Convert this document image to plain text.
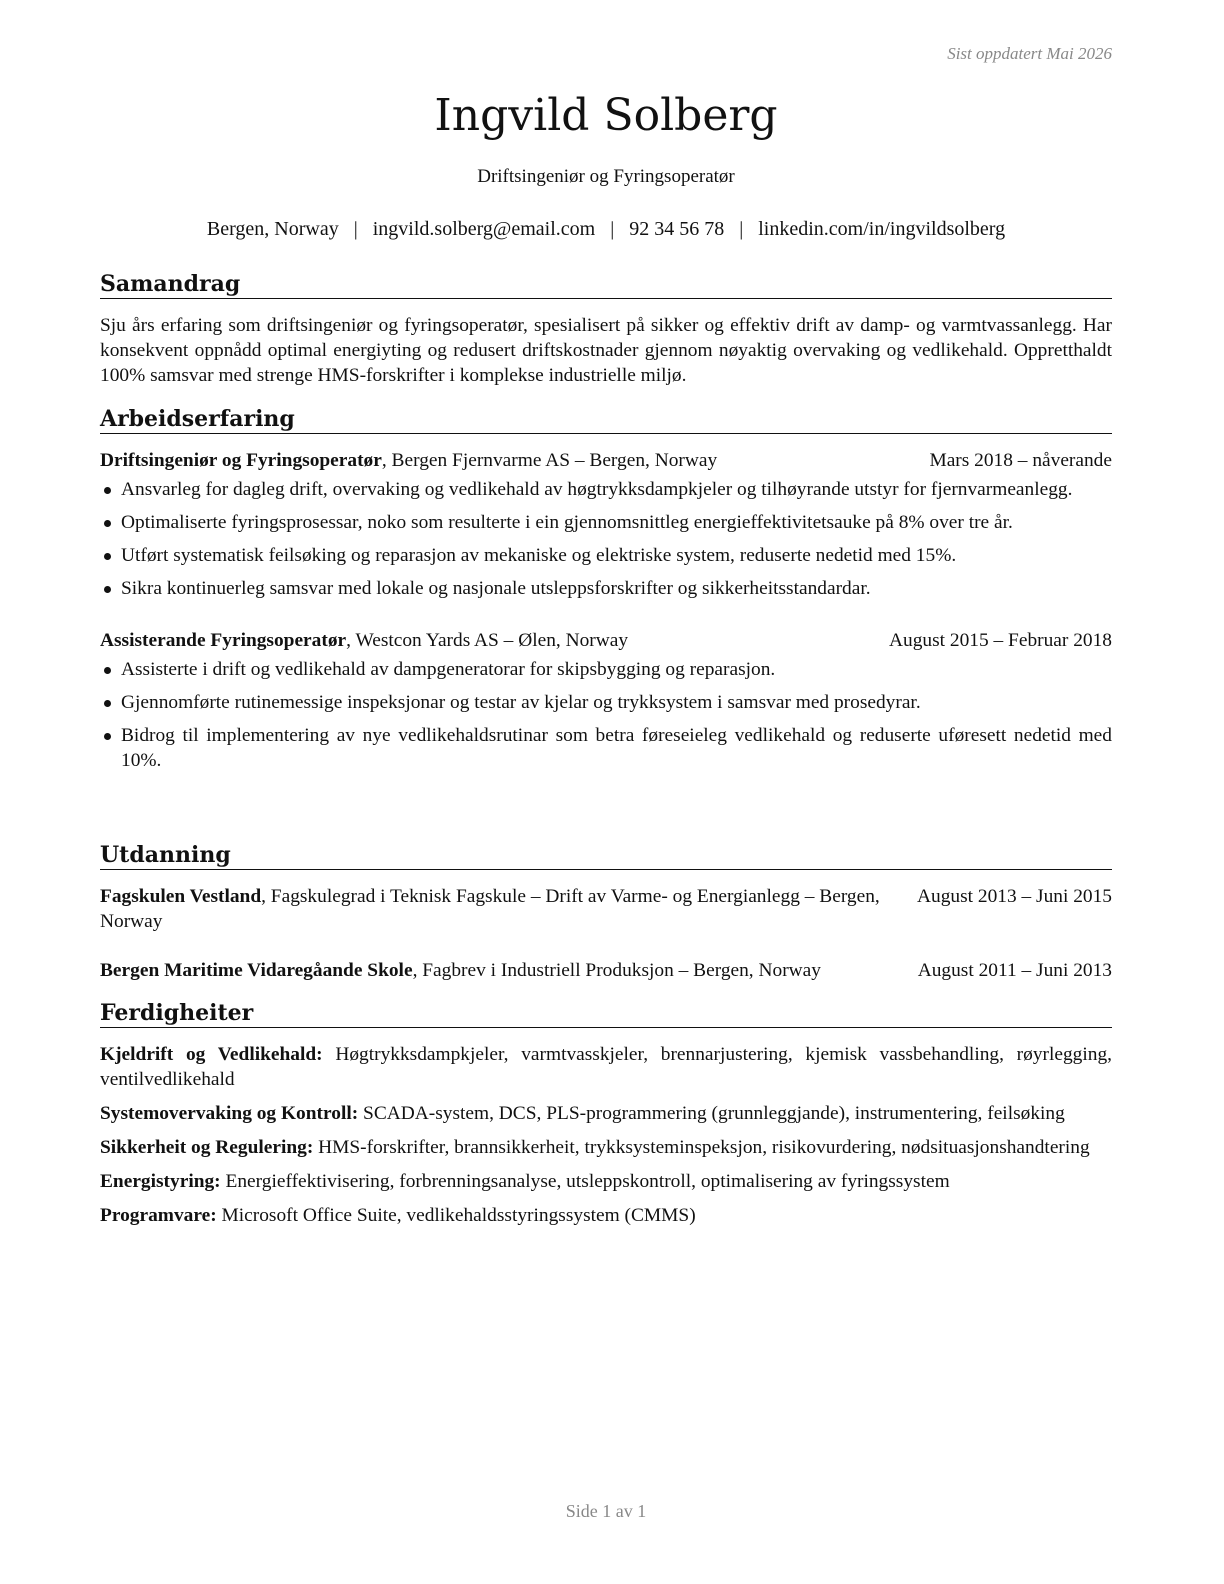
Sist oppdatert Mai 2026
Ingvild Solberg
Driftsingeniør og Fyringsoperatør
Bergen, Norway | ingvild.solberg@email.com | 92 34 56 78 | linkedin.com/in/ingvildsolberg
Samandrag
Sju års erfaring som driftsingeniør og fyringsoperatør, spesialisert på sikker og effektiv drift av damp- og varmtvassanlegg. Har konsekvent oppnådd optimal energiyting og redusert driftskostnader gjennom nøyaktig overvaking og vedlikehald. Oppretthaldt 100% samsvar med strenge HMS-forskrifter i komplekse industrielle miljø.
Arbeidserfaring
Driftsingeniør og Fyringsoperatør, Bergen Fjernvarme AS – Bergen, Norway	Mars 2018 – nåverande
Ansvarleg for dagleg drift, overvaking og vedlikehald av høgtrykksdampkjeler og tilhøyrande utstyr for fjernvarmeanlegg.
Optimaliserte fyringsprosessar, noko som resulterte i ein gjennomsnittleg energieffektivitetsauke på 8% over tre år.
Utført systematisk feilsøking og reparasjon av mekaniske og elektriske system, reduserte nedetid med 15%.
Sikra kontinuerleg samsvar med lokale og nasjonale utsleppsforskrifter og sikkerheitsstandardar.
Assisterande Fyringsoperatør, Westcon Yards AS – Ølen, Norway	August 2015 – Februar 2018
Assisterte i drift og vedlikehald av dampgeneratorar for skipsbygging og reparasjon.
Gjennomførte rutinemessige inspeksjonar og testar av kjelar og trykksystem i samsvar med prosedyrar.
Bidrog til implementering av nye vedlikehaldsrutinar som betra føreseieleg vedlikehald og reduserte uføresett nedetid med 10%.
Utdanning
Fagskulen Vestland, Fagskulegrad i Teknisk Fagskule – Drift av Varme- og Energianlegg – Bergen, Norway
August 2013 – Juni 2015
Bergen Maritime Vidaregåande Skole, Fagbrev i Industriell Produksjon – Bergen, Norway	August 2011 – Juni 2013
Ferdigheiter
Kjeldrift og Vedlikehald: Høgtrykksdampkjeler, varmtvasskjeler, brennarjustering, kjemisk vassbehandling, røyrlegging, ventilvedlikehald
Systemovervaking og Kontroll: SCADA-system, DCS, PLS-programmering (grunnleggjande), instrumentering, feilsøking
Sikkerheit og Regulering: HMS-forskrifter, brannsikkerheit, trykksysteminspeksjon, risikovurdering, nødsituasjonshandtering
Energistyring: Energieffektivisering, forbrenningsanalyse, utsleppskontroll, optimalisering av fyringssystem
Programvare: Microsoft Office Suite, vedlikehaldsstyringssystem (CMMS)
Side 1 av 1
